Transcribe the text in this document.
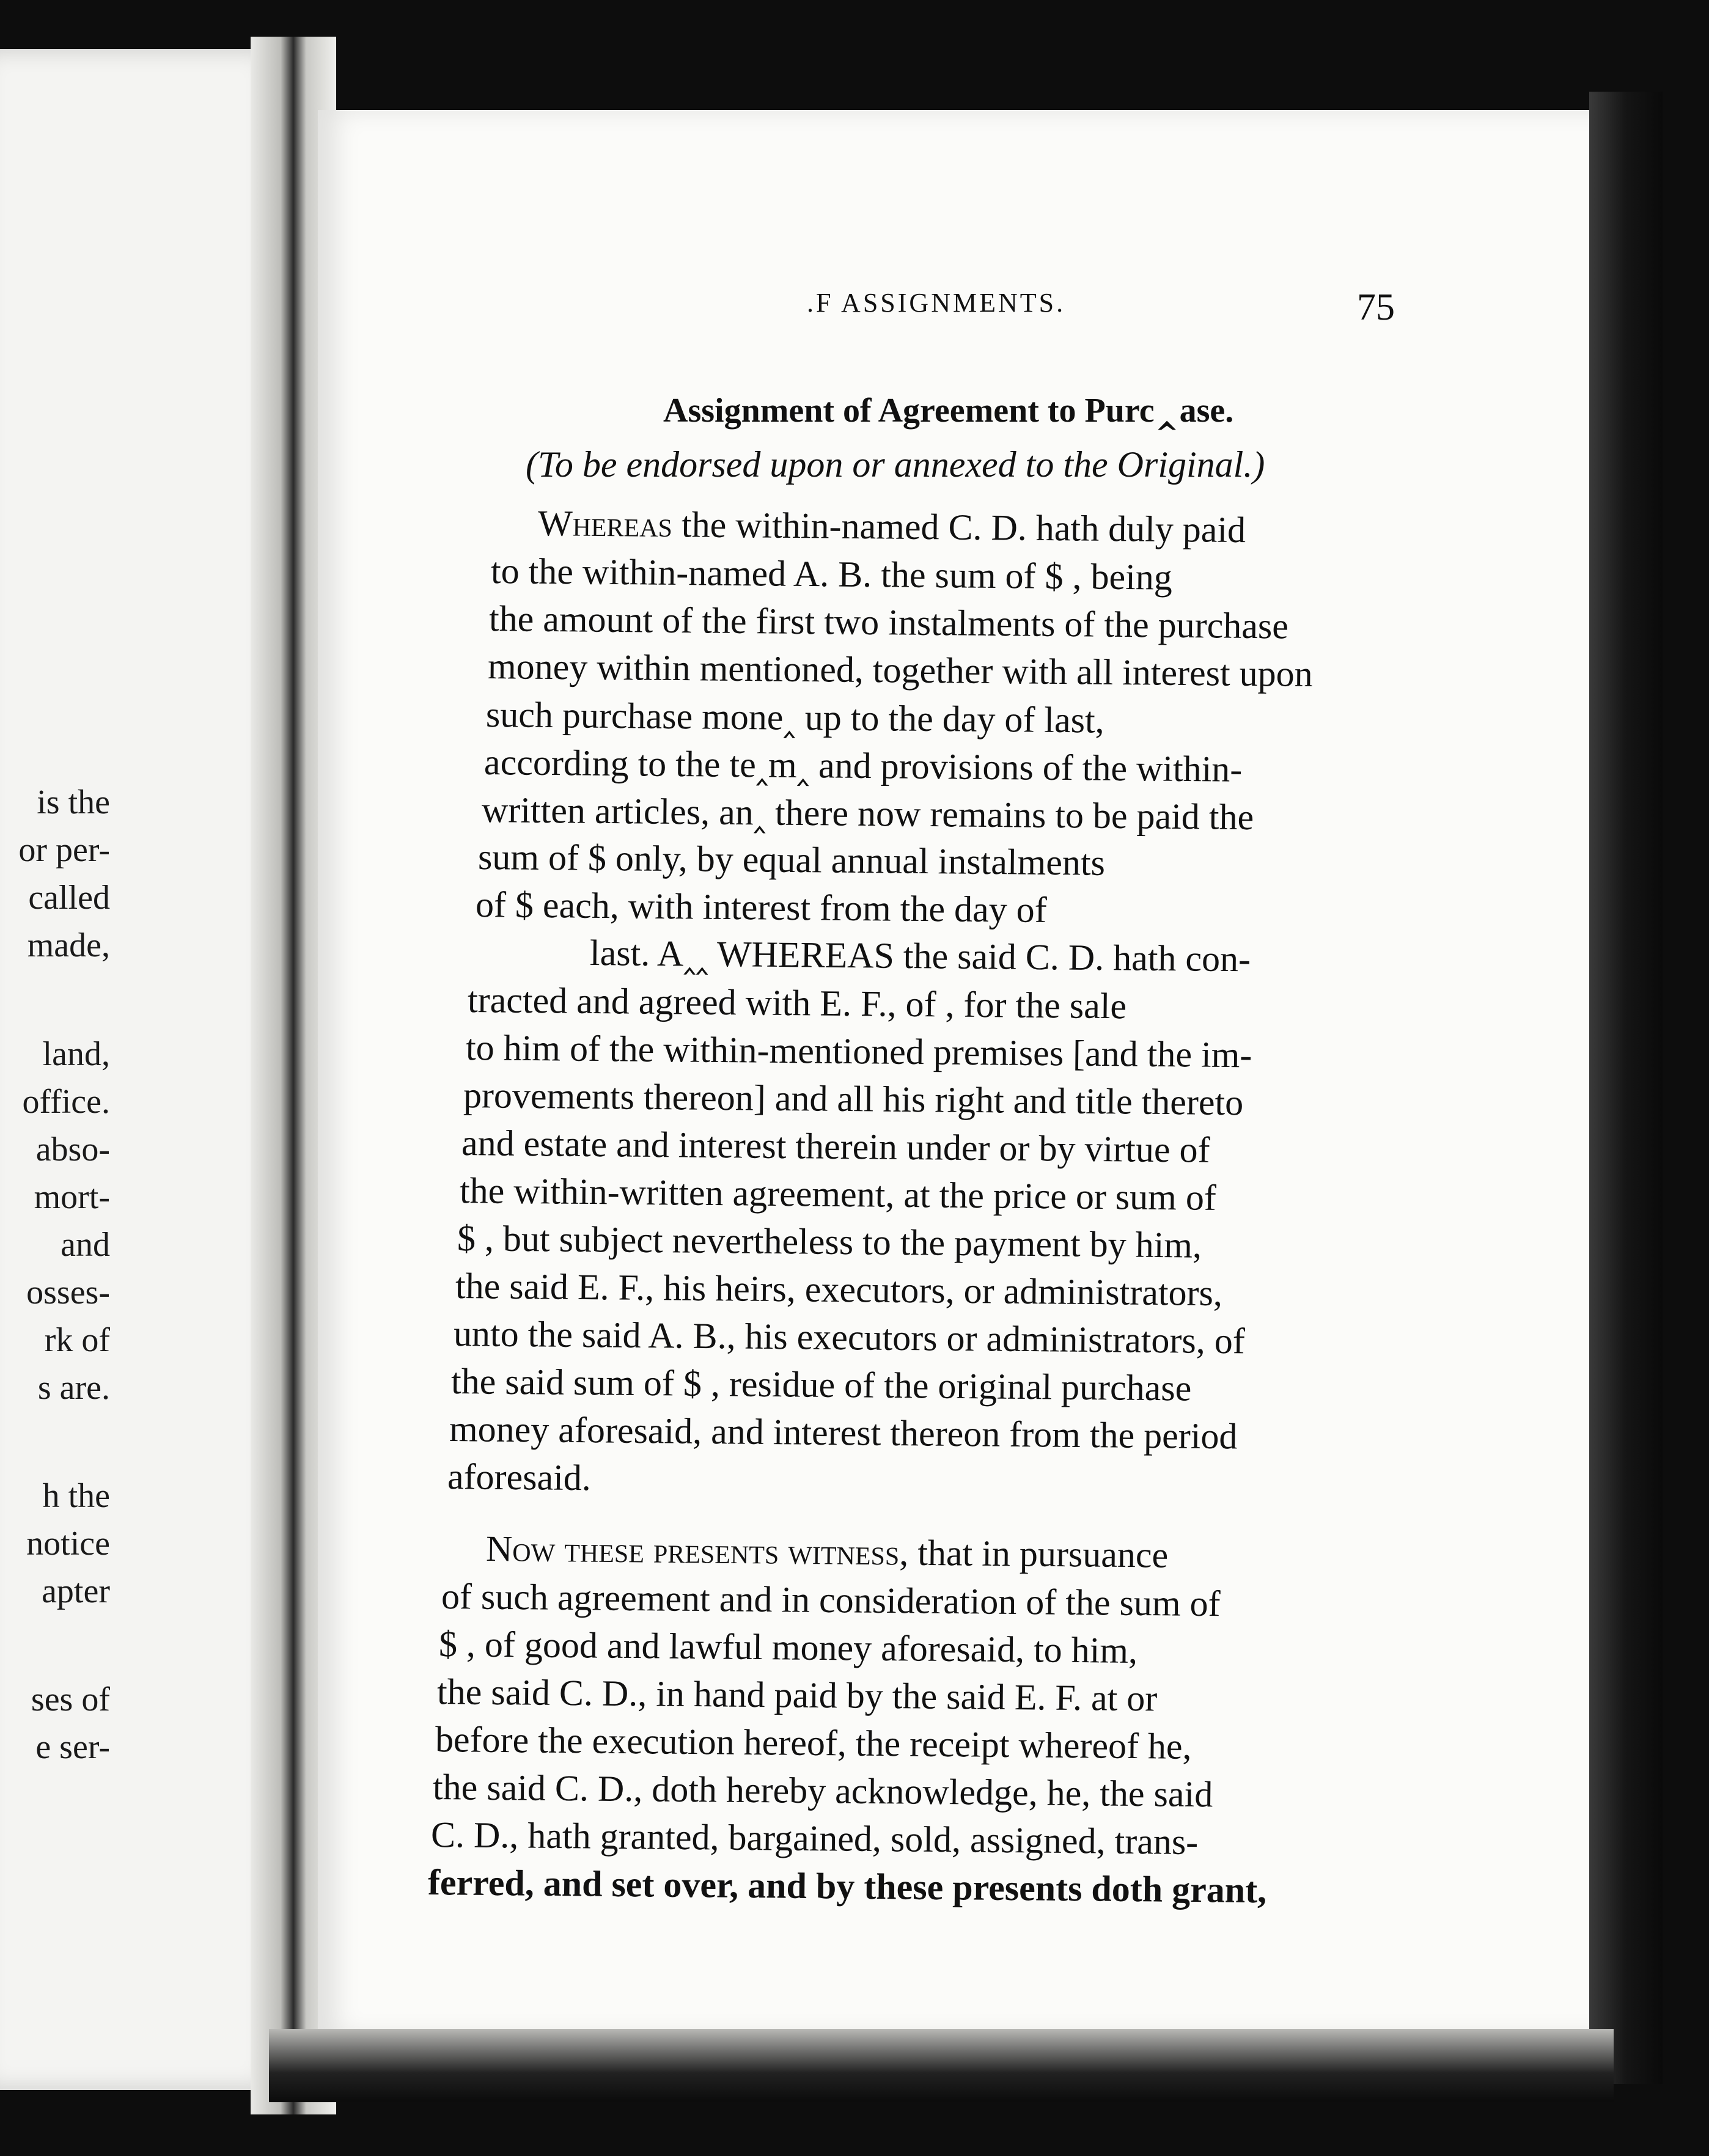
is the
or per-
called
made,
land,
office.
abso-
mort-
and
osses-
rk of
s are.
h the
notice
apter
ses of
e ser-
.F ASSIGNMENTS.	75
Assignment of Agreement to Purc‸ase.
(To be endorsed upon or annexed to the Original.)
Whereas the within-named C. D. hath duly paid
to the within-named A. B. the sum of $ , being
the amount of the first two instalments of the purchase
money within mentioned, together with all interest upon
such purchase mone‸ up to the day of last,
according to the te‸m‸ and provisions of the within-
written articles, an‸ there now remains to be paid the
sum of $ only, by equal annual instalments
of $ each, with interest from the day of
last. A‸‸ WHEREAS the said C. D. hath con-
tracted and agreed with E. F., of , for the sale
to him of the within-mentioned premises [and the im-
provements thereon] and all his right and title thereto
and estate and interest therein under or by virtue of
the within-written agreement, at the price or sum of
$ , but subject nevertheless to the payment by him,
the said E. F., his heirs, executors, or administrators,
unto the said A. B., his executors or administrators, of
the said sum of $ , residue of the original purchase
money aforesaid, and interest thereon from the period
aforesaid.
Now these presents witness, that in pursuance
of such agreement and in consideration of the sum of
$ , of good and lawful money aforesaid, to him,
the said C. D., in hand paid by the said E. F. at or
before the execution hereof, the receipt whereof he,
the said C. D., doth hereby acknowledge, he, the said
C. D., hath granted, bargained, sold, assigned, trans-
ferred, and set over, and by these presents doth grant,
